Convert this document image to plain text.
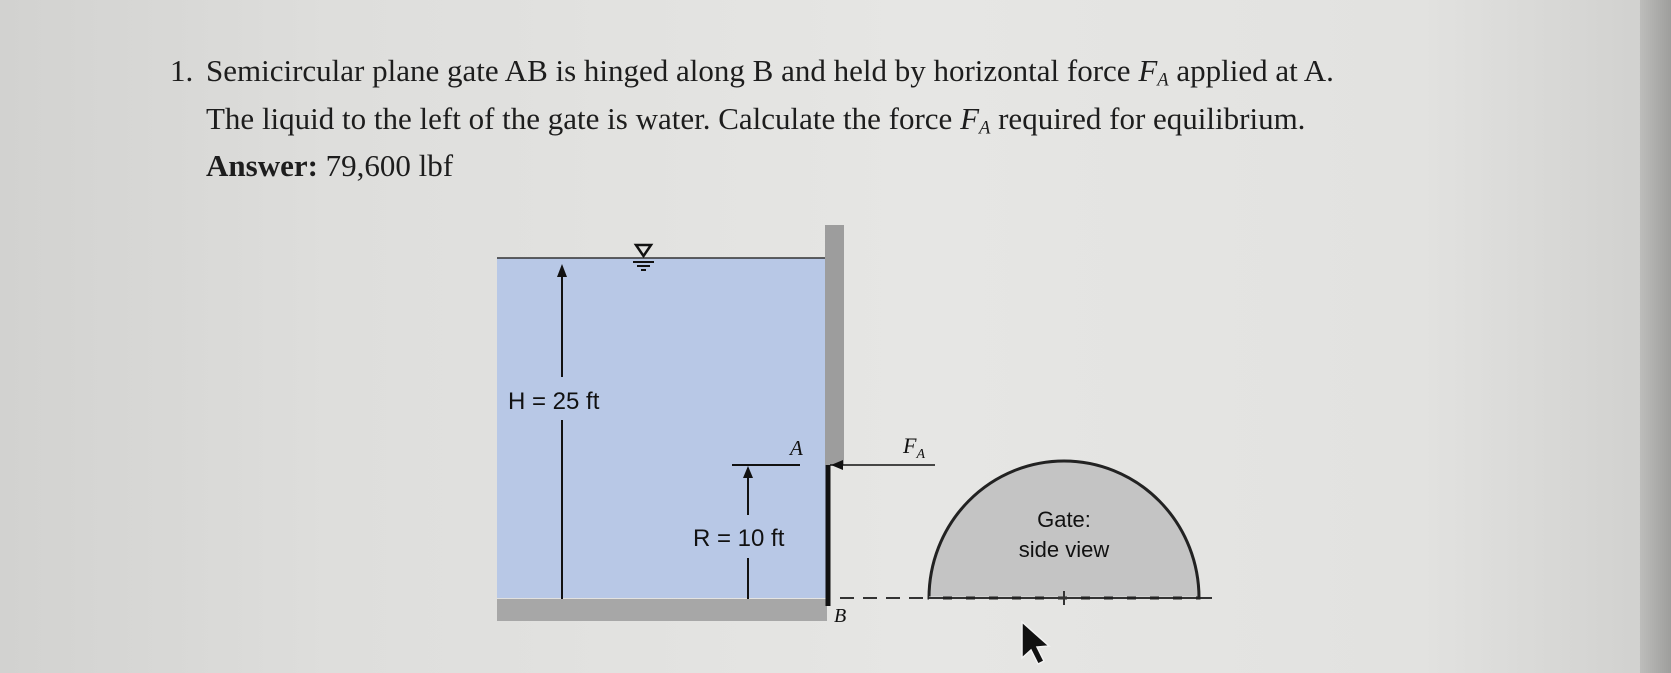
1. Semicircular plane gate AB is hinged along B and held by horizontal force $F_A$ applied at A.
The liquid to the left of the gate is water. Calculate the force $F_A$ required for equilibrium.
Answer: 79,600 lbf
H = 25 ft
R = 10 ft
A	$F_A$
B
Gate:
side view
